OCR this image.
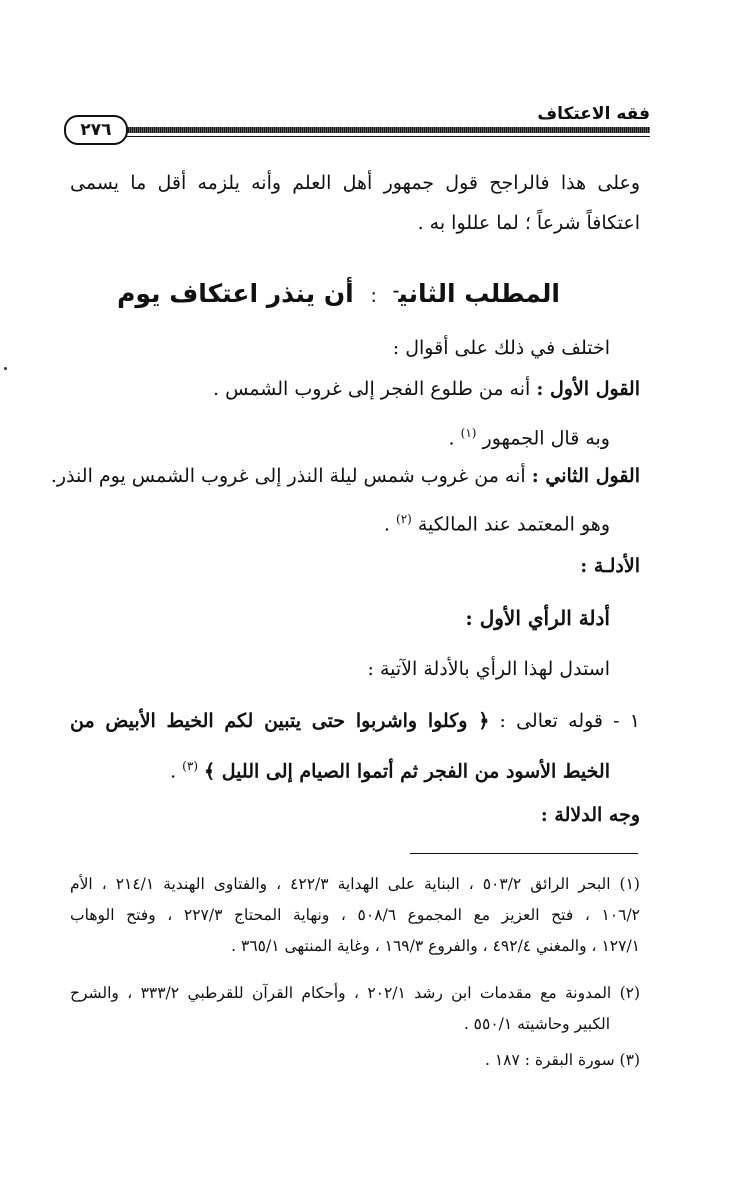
فقه الاعتكاف
٢٧٦
وعلى هذا فالراجح قول جمهور أهل العلم وأنه يلزمه أقل ما يسمى
اعتكافاً شرعاً ؛ لما عللوا به .
المطلب الثاني$^ـ$ : أن ينذر اعتكاف يوم
اختلف في ذلك على أقوال :
القول الأول : أنه من طلوع الفجر إلى غروب الشمس .
وبه قال الجمهور $^{(١)}$ .
القول الثاني : أنه من غروب شمس ليلة النذر إلى غروب الشمس يوم النذر.
وهو المعتمد عند المالكية $^{(٢)}$ .
الأدلـة :
أدلة الرأي الأول :
استدل لهذا الرأي بالأدلة الآتية :
١ - قوله تعالى : ﴿ وكلوا واشربوا حتى يتبين لكم الخيط الأبيض من
الخيط الأسود من الفجر ثم أتموا الصيام إلى الليل ﴾ $^{(٣)}$ .
وجه الدلالة :
(١) البحر الرائق ٥٠٣/٢ ، البناية على الهداية ٤٢٢/٣ ، والفتاوى الهندية ٢١٤/١ ، الأم
١٠٦/٢ ، فتح العزيز مع المجموع ٥٠٨/٦ ، ونهاية المحتاج ٢٢٧/٣ ، وفتح الوهاب
١٢٧/١ ، والمغني ٤٩٢/٤ ، والفروع ١٦٩/٣ ، وغاية المنتهى ٣٦٥/١ .
(٢) المدونة مع مقدمات ابن رشد ٢٠٢/١ ، وأحكام القرآن للقرطبي ٣٣٣/٢ ، والشرح
الكبير وحاشيته ٥٥٠/١ .
(٣) سورة البقرة : ١٨٧ .
